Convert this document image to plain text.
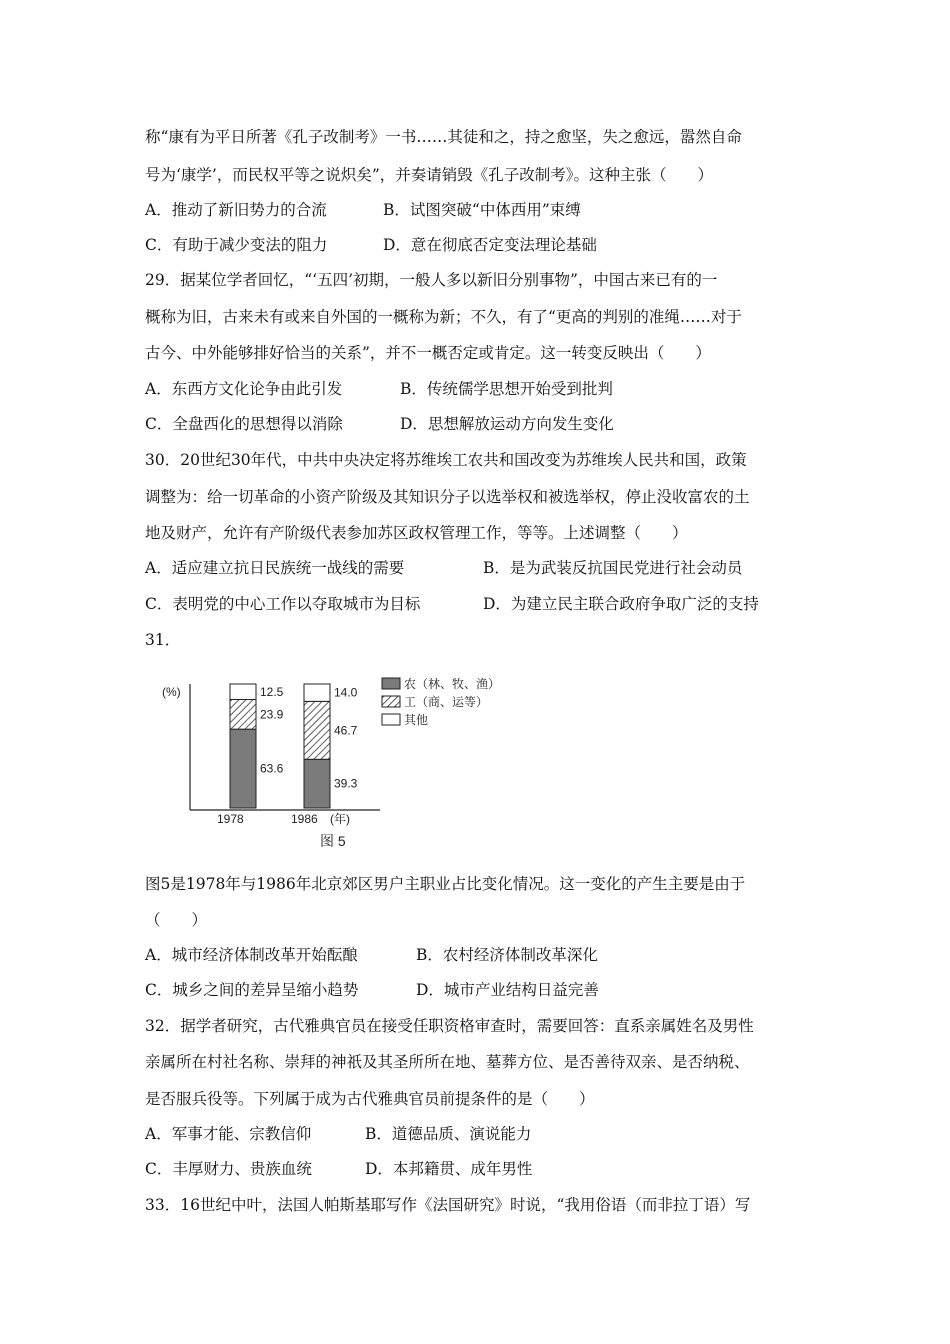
称“康有为平日所著《孔子改制考》一书……其徒和之，持之愈坚，失之愈远，嚣然自命
号为‘康学’，而民权平等之说炽矣”，并奏请销毁《孔子改制考》。这种主张（　　）
A．推动了新旧势力的合流	B．试图突破“中体西用”束缚
C．有助于减少变法的阻力	D．意在彻底否定变法理论基础
29．据某位学者回忆，“‘五四’初期，一般人多以新旧分别事物”，中国古来已有的一
概称为旧，古来未有或来自外国的一概称为新；不久，有了“更高的判别的准绳……对于
古今、中外能够排好恰当的关系”，并不一概否定或肯定。这一转变反映出（　　）
A．东西方文化论争由此引发	B．传统儒学思想开始受到批判
C．全盘西化的思想得以消除	D．思想解放运动方向发生变化
30．20世纪30年代，中共中央决定将苏维埃工农共和国改变为苏维埃人民共和国，政策
调整为：给一切革命的小资产阶级及其知识分子以选举权和被选举权，停止没收富农的土
地及财产，允许有产阶级代表参加苏区政权管理工作，等等。上述调整（　　）
A．适应建立抗日民族统一战线的需要	B．是为武装反抗国民党进行社会动员
C．表明党的中心工作以夺取城市为目标	D．为建立民主联合政府争取广泛的支持
31．
(%)
63.6
23.9
12.5
39.3
46.7
14.0
1978	1986 (年)
图 5
农（林、牧、渔）
工（商、运等）
其他
图5是1978年与1986年北京郊区男户主职业占比变化情况。这一变化的产生主要是由于
（　　）
A．城市经济体制改革开始酝酿	B．农村经济体制改革深化
C．城乡之间的差异呈缩小趋势	D．城市产业结构日益完善
32．据学者研究，古代雅典官员在接受任职资格审查时，需要回答：直系亲属姓名及男性
亲属所在村社名称、崇拜的神祇及其圣所所在地、墓葬方位、是否善待双亲、是否纳税、
是否服兵役等。下列属于成为古代雅典官员前提条件的是（　　）
A．军事才能、宗教信仰	B．道德品质、演说能力
C．丰厚财力、贵族血统	D．本邦籍贯、成年男性
33．16世纪中叶，法国人帕斯基耶写作《法国研究》时说，“我用俗语（而非拉丁语）写
